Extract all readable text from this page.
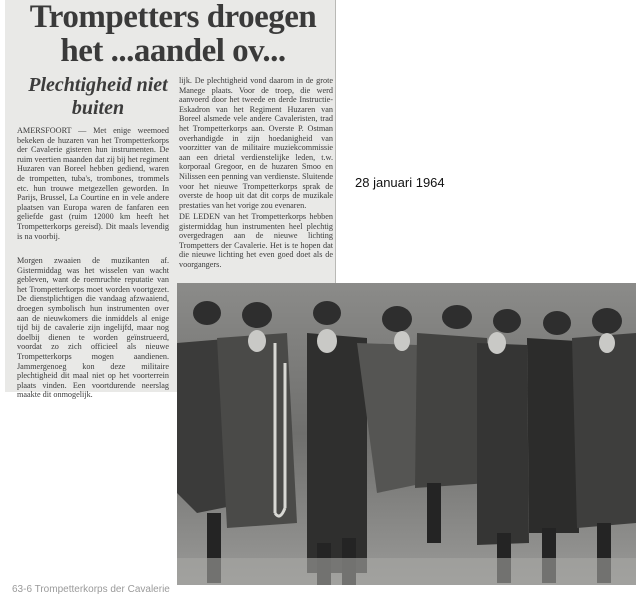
Trompetters droegen het ...aandel ov...
Plechtigheid niet buiten
AMERSFOORT — Met enige weemoed bekeken de huzaren van het Trompetterkorps der Cavalerie gisteren hun instrumenten. De ruim veertien maanden dat zij bij het regiment Huzaren van Boreel hebben gediend, waren de trompetten, tuba's, trombones, trommels etc. hun trouwe metgezellen geworden. In Parijs, Brussel, La Courtine en in vele andere plaatsen van Europa waren de fanfaren een geliefde gast (ruim 12000 km heeft het Trompetterkorps gereisd). Dit maals levendig is na voorbij.
Morgen zwaaien de muzikanten af. Gistermiddag was het wisselen van wacht gebleven, want de roemruchte reputatie van het Trompetterkorps moet worden voortgezet. De dienstplichtigen die vandaag afzwaaiend, droegen symbolisch hun instrumenten over aan de nieuwkomers die inmiddels al enige tijd bij de cavalerie zijn ingelijfd, maar nog doelbij dienen te worden geïnstrueerd, voordat zo zich officieel als nieuwe Trompetterkorps mogen aandienen. Jammergenoeg kon deze militaire plechtigheid dit maal niet op het voorterrein plaats vinden. Een voortdurende neerslag maakte dit onmogelijk.
lijk. De plechtigheid vond daarom in de grote Manege plaats. Voor de troep, die werd aanvoerd door het tweede en derde Instructie-Eskadron van het Regiment Huzaren van Boreel alsmede vele andere Cavaleristen, trad het Trompetterkorps aan. Overste P. Ostman overhandigde in zijn hoedanigheid van voorzitter van de militaire muziekcommissie aan een drietal verdienstelijke leden, t.w. korporaal Gregoor, en de huzaren Smoo en Nilissen een penning van verdienste. Sluitende voor het nieuwe Trompetterkorps sprak de overste de hoop uit dat dit corps de muzikale prestaties van het vorige zou evenaren.
DE LEDEN van het Trompetterkorps hebben gistermiddag hun instrumenten heel plechtig overgedragen aan de nieuwe lichting Trompetters der Cavalerie. Het is te hopen dat die nieuwe lichting het even goed doet als de voorgangers.
28 januari 1964
63-6 Trompetterkorps der Cavalerie
